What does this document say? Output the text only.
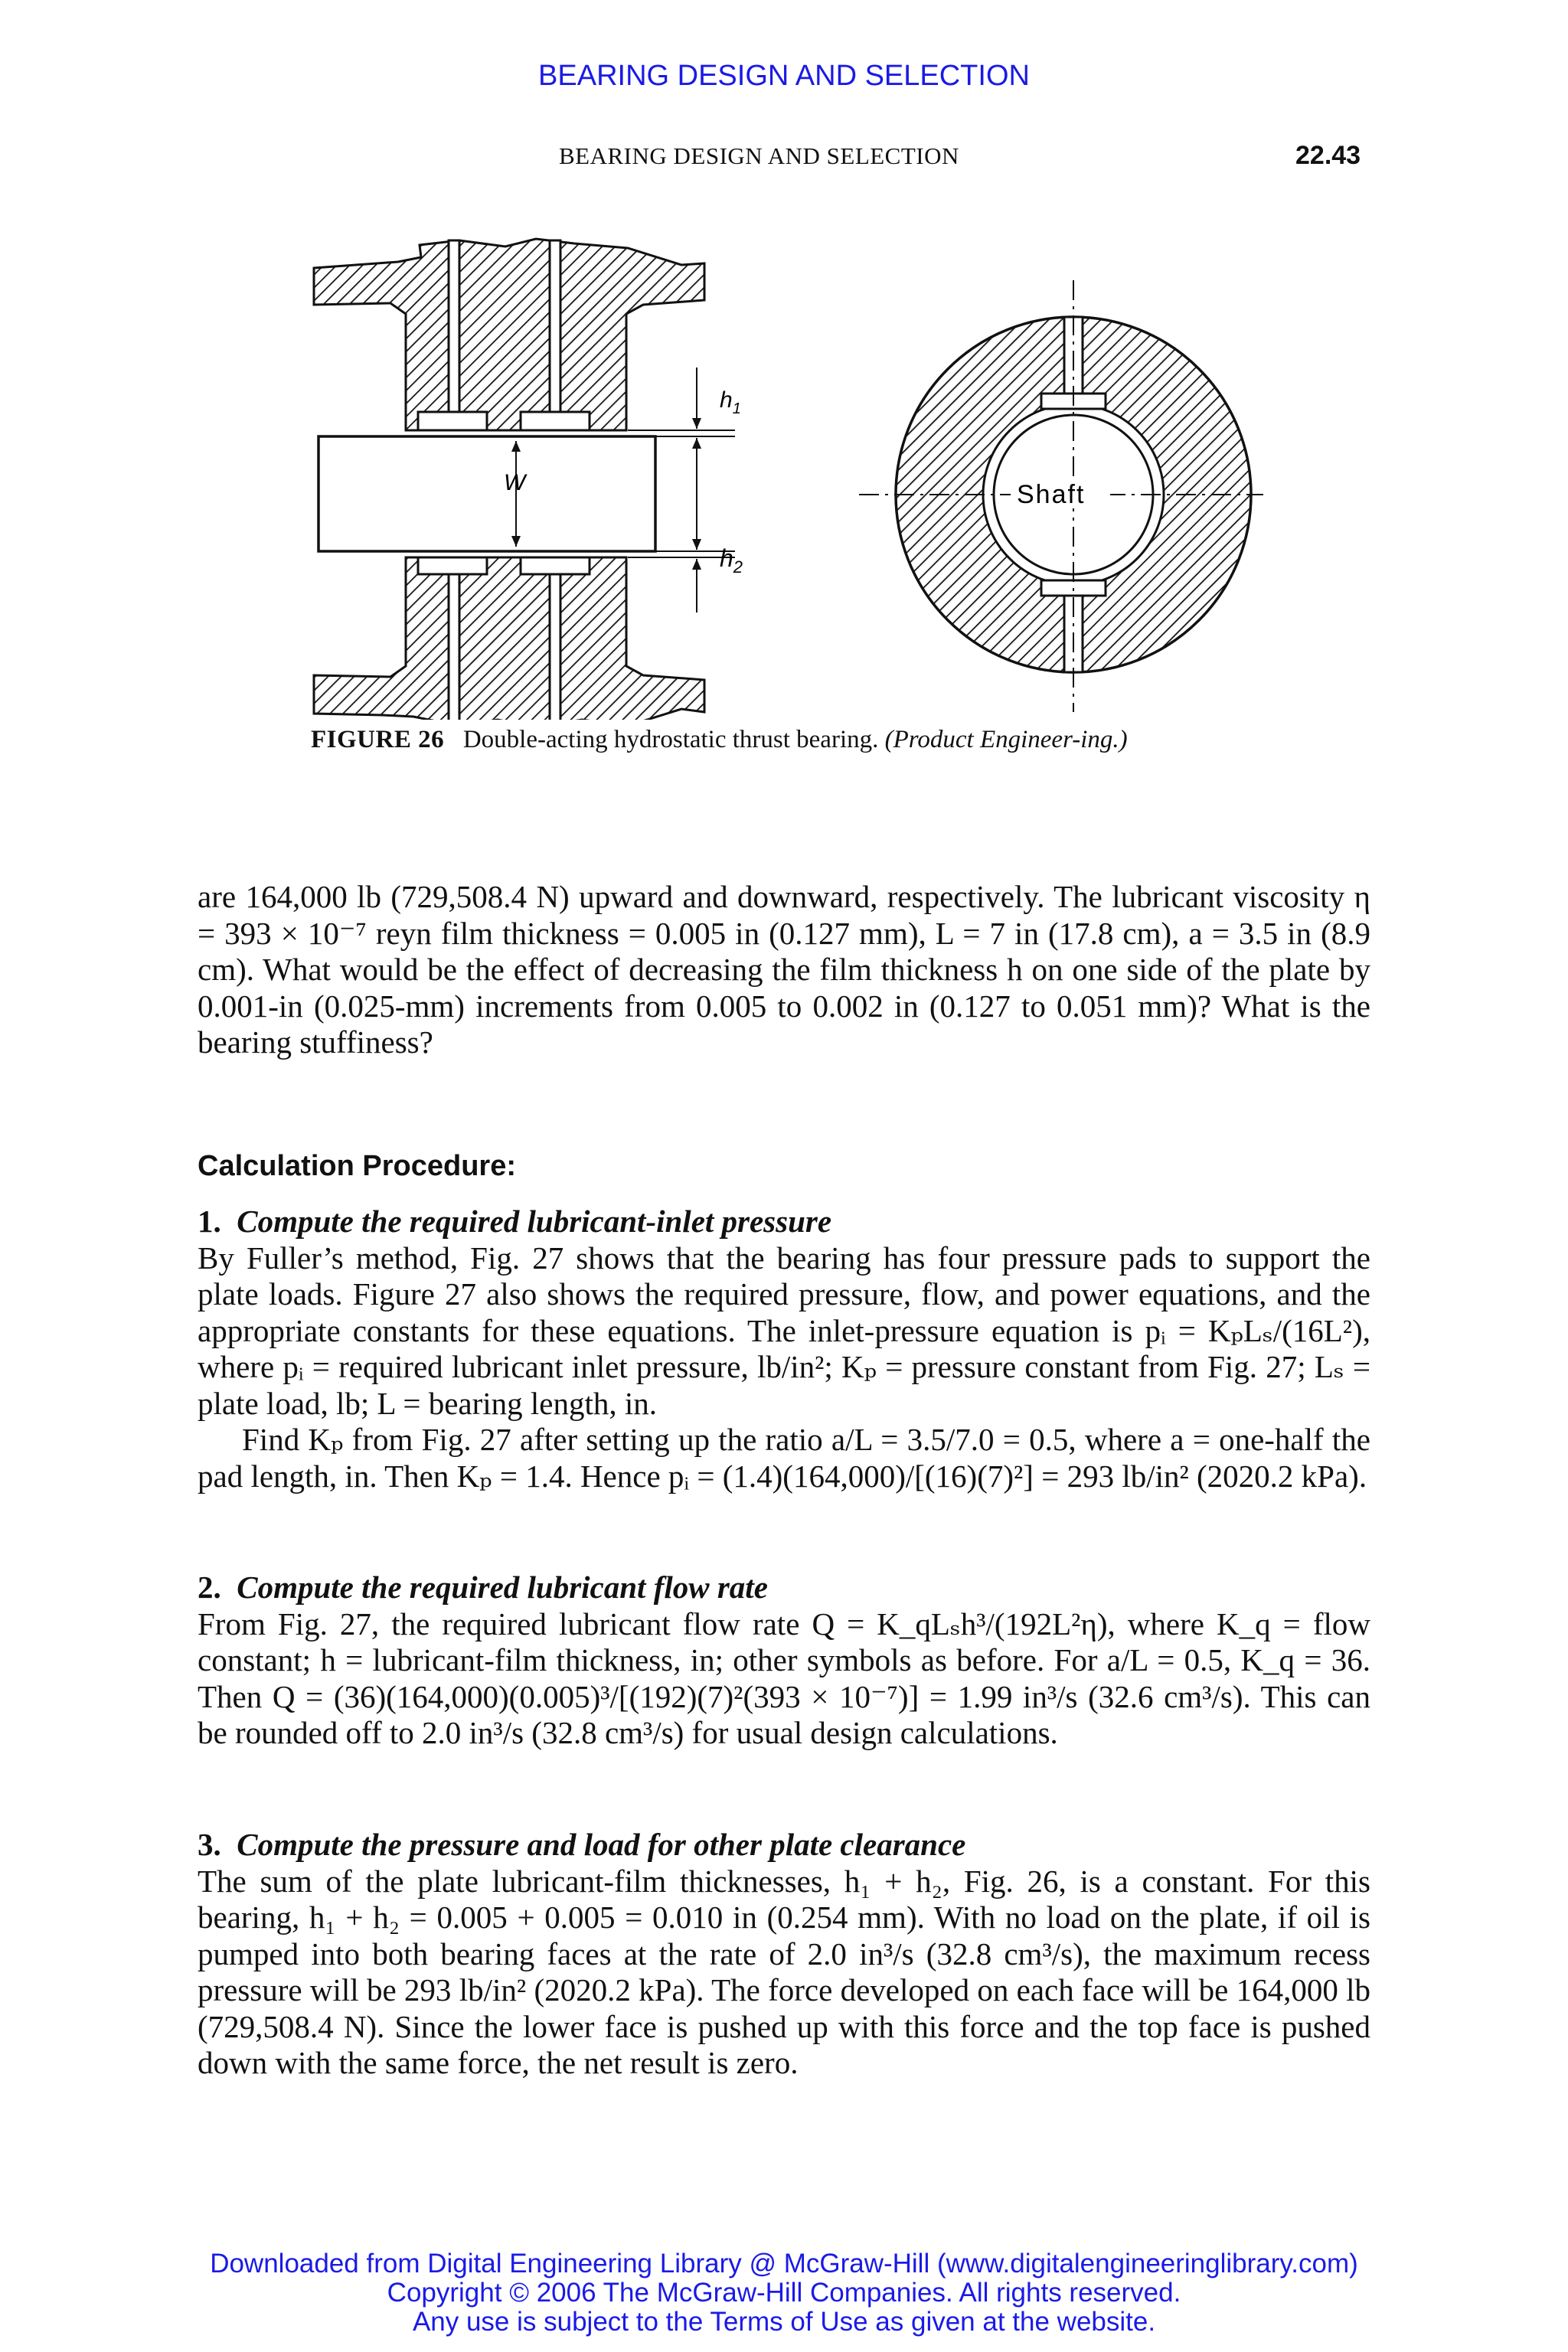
BEARING DESIGN AND SELECTION
BEARING DESIGN AND SELECTION	22.43
W
$h_1$
$h_2$
Shaft
FIGURE 26 Double-acting hydrostatic thrust bearing. (Product Engineer-ing.)

are 164,000 lb (729,508.4 N) upward and downward, respectively. The lubricant viscosity η = 393 × 10⁻⁷ reyn film thickness = 0.005 in (0.127 mm), L = 7 in (17.8 cm), a = 3.5 in (8.9 cm). What would be the effect of decreasing the film thickness h on one side of the plate by 0.001-in (0.025-mm) increments from 0.005 to 0.002 in (0.127 to 0.051 mm)? What is the bearing stuffiness?

Calculation Procedure:

1. Compute the required lubricant-inlet pressure

By Fuller’s method, Fig. 27 shows that the bearing has four pressure pads to support the plate loads. Figure 27 also shows the required pressure, flow, and power equations, and the appropriate constants for these equations. The inlet-pressure equation is pᵢ = KₚLₛ/(16L²), where pᵢ = required lubricant inlet pressure, lb/in²; Kₚ = pressure constant from Fig. 27; Lₛ = plate load, lb; L = bearing length, in.

Find Kₚ from Fig. 27 after setting up the ratio a/L = 3.5/7.0 = 0.5, where a = one-half the pad length, in. Then Kₚ = 1.4. Hence pᵢ = (1.4)(164,000)/[(16)(7)²] = 293 lb/in² (2020.2 kPa).

2. Compute the required lubricant flow rate

From Fig. 27, the required lubricant flow rate Q = K_qLₛh³/(192L²η), where K_q = flow constant; h = lubricant-film thickness, in; other symbols as before. For a/L = 0.5, K_q = 36. Then Q = (36)(164,000)(0.005)³/[(192)(7)²(393 × 10⁻⁷)] = 1.99 in³/s (32.6 cm³/s). This can be rounded off to 2.0 in³/s (32.8 cm³/s) for usual design calculations.

3. Compute the pressure and load for other plate clearance

The sum of the plate lubricant-film thicknesses, h₁ + h₂, Fig. 26, is a constant. For this bearing, h₁ + h₂ = 0.005 + 0.005 = 0.010 in (0.254 mm). With no load on the plate, if oil is pumped into both bearing faces at the rate of 2.0 in³/s (32.8 cm³/s), the maximum recess pressure will be 293 lb/in² (2020.2 kPa). The force developed on each face will be 164,000 lb (729,508.4 N). Since the lower face is pushed up with this force and the top face is pushed down with the same force, the net result is zero.

Downloaded from Digital Engineering Library @ McGraw-Hill (www.digitalengineeringlibrary.com)
Copyright © 2006 The McGraw-Hill Companies. All rights reserved.
Any use is subject to the Terms of Use as given at the website.
